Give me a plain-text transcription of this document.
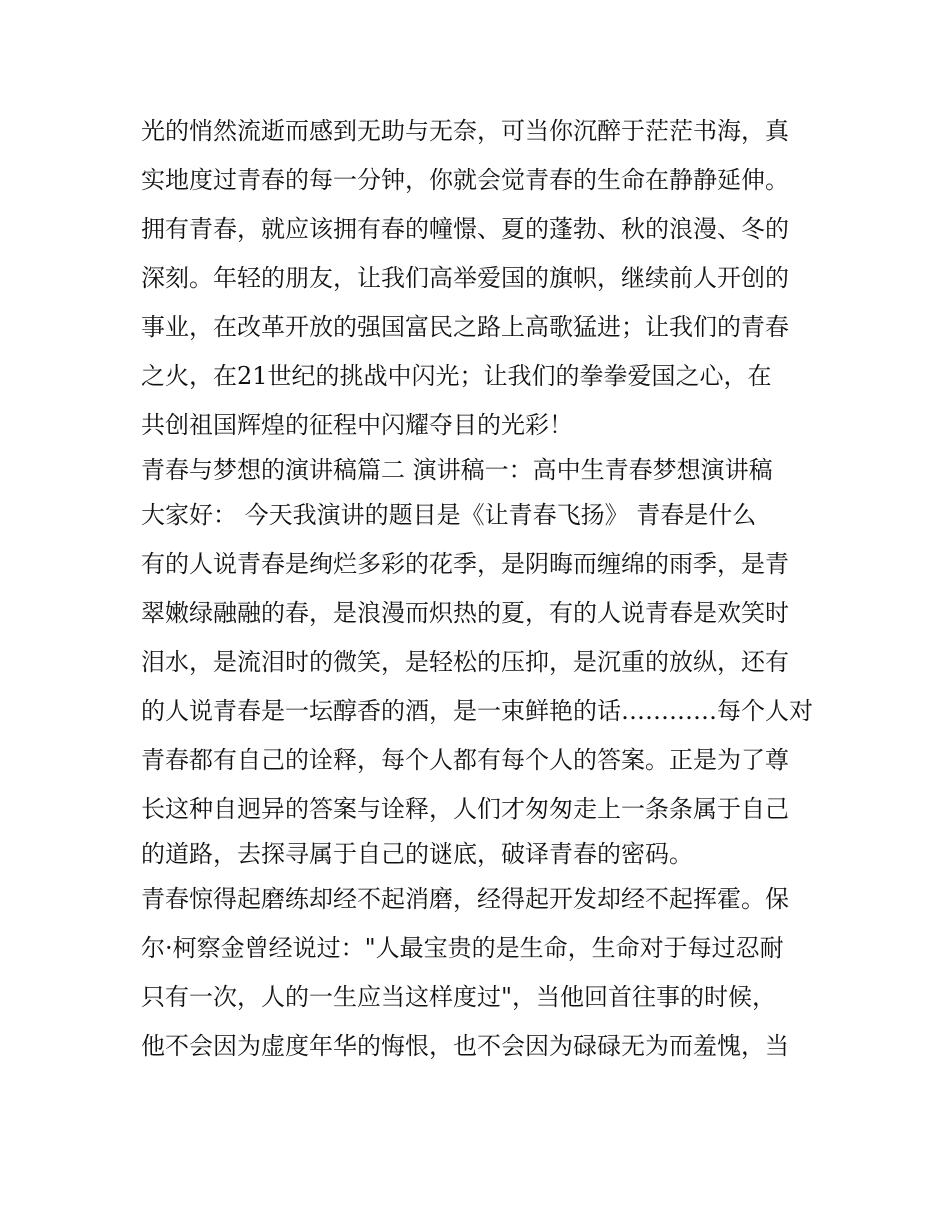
光的悄然流逝而感到无助与无奈，可当你沉醉于茫茫书海，真
实地度过青春的每一分钟，你就会觉青春的生命在静静延伸。
拥有青春，就应该拥有春的幢憬、夏的蓬勃、秋的浪漫、冬的
深刻。年轻的朋友，让我们高举爱国的旗帜，继续前人开创的
事业，在改革开放的强国富民之路上高歌猛进；让我们的青春
之火，在21世纪的挑战中闪光；让我们的拳拳爱国之心，在
共创祖国辉煌的征程中闪耀夺目的光彩！
青春与梦想的演讲稿篇二 演讲稿一：高中生青春梦想演讲稿
大家好： 今天我演讲的题目是《让青春飞扬》 青春是什么
有的人说青春是绚烂多彩的花季，是阴晦而缠绵的雨季，是青
翠嫩绿融融的春，是浪漫而炽热的夏，有的人说青春是欢笑时
泪水，是流泪时的微笑，是轻松的压抑，是沉重的放纵，还有
的人说青春是一坛醇香的酒，是一束鲜艳的话…………每个人对
青春都有自己的诠释，每个人都有每个人的答案。正是为了尊
长这种自迥异的答案与诠释，人们才匆匆走上一条条属于自己
的道路，去探寻属于自己的谜底，破译青春的密码。
青春惊得起磨练却经不起消磨，经得起开发却经不起挥霍。保
尔·柯察金曾经说过："人最宝贵的是生命，生命对于每过忍耐
只有一次，人的一生应当这样度过"，当他回首往事的时候，
他不会因为虚度年华的悔恨，也不会因为碌碌无为而羞愧，当
